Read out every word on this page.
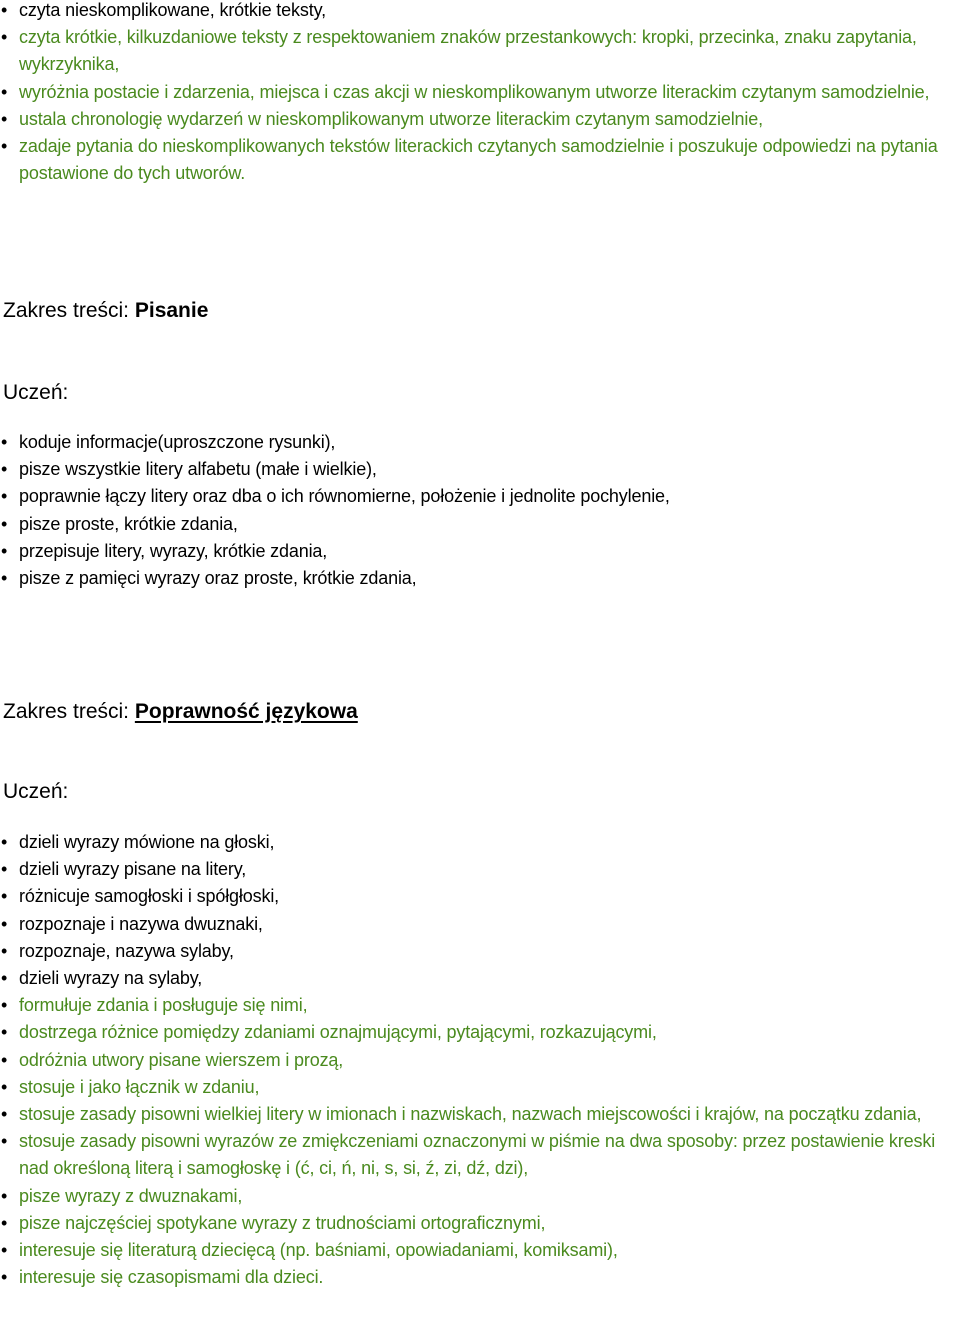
• czyta nieskomplikowane, krótkie teksty,
• czyta krótkie, kilkuzdaniowe teksty z respektowaniem znaków przestankowych: kropki, przecinka, znaku zapytania, wykrzyknika,
• wyróżnia postacie i zdarzenia, miejsca i czas akcji w nieskomplikowanym utworze literackim czytanym samodzielnie,
• ustala chronologię wydarzeń w nieskomplikowanym utworze literackim czytanym samodzielnie,
• zadaje pytania do nieskomplikowanych tekstów literackich czytanych samodzielnie i poszukuje odpowiedzi na pytania postawione do tych utworów.
Zakres treści: Pisanie

Uczeń:

• koduje informacje(uproszczone rysunki),
• pisze wszystkie litery alfabetu (małe i wielkie),
• poprawnie łączy litery oraz dba o ich równomierne, położenie i jednolite pochylenie,
• pisze proste, krótkie zdania,
• przepisuje litery, wyrazy, krótkie zdania,
• pisze z pamięci wyrazy oraz proste, krótkie zdania,
Zakres treści: Poprawność językowa

Uczeń:

• dzieli wyrazy mówione na głoski,
• dzieli wyrazy pisane na litery,
• różnicuje samogłoski i spółgłoski,
• rozpoznaje i nazywa dwuznaki,
• rozpoznaje, nazywa sylaby,
• dzieli wyrazy na sylaby,
• formułuje zdania i posługuje się nimi,
• dostrzega różnice pomiędzy zdaniami oznajmującymi, pytającymi, rozkazującymi,
• odróżnia utwory pisane wierszem i prozą,
• stosuje i jako łącznik w zdaniu,
• stosuje zasady pisowni wielkiej litery w imionach i nazwiskach, nazwach miejscowości i krajów, na początku zdania,
• stosuje zasady pisowni wyrazów ze zmiękczeniami oznaczonymi w piśmie na dwa sposoby: przez postawienie kreski nad określoną literą i samogłoskę i (ć, ci, ń, ni, s, si, ź, zi, dź, dzi),
• pisze wyrazy z dwuznakami,
• pisze najczęściej spotykane wyrazy z trudnościami ortograficznymi,
• interesuje się literaturą dziecięcą (np. baśniami, opowiadaniami, komiksami),
• interesuje się czasopismami dla dzieci.
